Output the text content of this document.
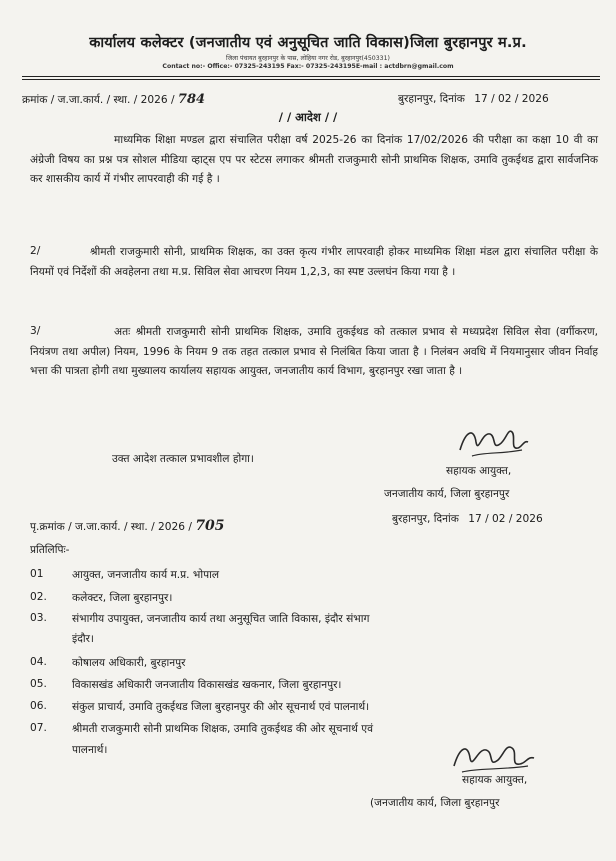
कार्यालय कलेक्टर (जनजातीय एवं अनुसूचित जाति विकास)जिला बुरहानपुर म.प्र.
जिला पंचायत बुरहानपुर के पास, लोहिया नगर रोड, बुरहानपुर(450331)
Contact no:- Office:- 07325-243195 Fax:- 07325-243195E-mail : actdbrn@gmail.com
क्रमांक / ज.जा.कार्य. / स्था. / 2026 / 784	बुरहानपुर, दिनांक 17 / 02 / 2026
/ / आदेश / /
माध्यमिक शिक्षा मण्डल द्वारा संचालित परीक्षा वर्ष 2025-26 का दिनांक 17/02/2026 की परीक्षा का कक्षा 10 वी का अंग्रेजी विषय का प्रश्न पत्र सोशल मीडिया व्हाट्स एप पर स्टेटस लगाकर श्रीमती राजकुमारी सोनी प्राथमिक शिक्षक, उमावि तुकईथड द्वारा सार्वजनिक कर शासकीय कार्य में गंभीर लापरवाही की गई है ।
2/	श्रीमती राजकुमारी सोनी, प्राथमिक शिक्षक, का उक्त कृत्य गंभीर लापरवाही होकर माध्यमिक शिक्षा मंडल द्वारा संचालित परीक्षा के नियमों एवं निर्देशों की अवहेलना तथा म.प्र. सिविल सेवा आचरण नियम 1,2,3, का स्पष्ट उल्लघंन किया गया है ।
3/	अतः श्रीमती राजकुमारी सोनी प्राथमिक शिक्षक, उमावि तुकईथड को तत्काल प्रभाव से मध्यप्रदेश सिविल सेवा (वर्गीकरण, नियंत्रण तथा अपील) नियम, 1996 के नियम 9 तक तहत तत्काल प्रभाव से निलंबित किया जाता है । निलंबन अवधि में नियमानुसार जीवन निर्वाह भत्ता की पात्रता होगी तथा मुख्यालय कार्यालय सहायक आयुक्त, जनजातीय कार्य विभाग, बुरहानपुर रखा जाता है ।
उक्त आदेश तत्काल प्रभावशील होगा।
सहायक आयुक्त,
जनजातीय कार्य, जिला बुरहानपुर
बुरहानपुर, दिनांक 17 / 02 / 2026
पृ.क्रमांक / ज.जा.कार्य. / स्था. / 2026 / 705
प्रतिलिपिः-
01	आयुक्त, जनजातीय कार्य म.प्र. भोपाल
02. कलेक्टर, जिला बुरहानपुर।
03. संभागीय उपायुक्त, जनजातीय कार्य तथा अनुसूचित जाति विकास, इंदौर संभाग
इंदौर।
04. कोषालय अधिकारी, बुरहानपुर
05. विकासखंड अधिकारी जनजातीय विकासखंड खकनार, जिला बुरहानपुर।
06. संकुल प्राचार्य, उमावि तुकईथड जिला बुरहानपुर की ओर सूचनार्थ एवं पालनार्थ।
07. श्रीमती राजकुमारी सोनी प्राथमिक शिक्षक, उमावि तुकईथड की ओर सूचनार्थ एवं
पालनार्थ।
सहायक आयुक्त,
(जनजातीय कार्य, जिला बुरहानपुर
